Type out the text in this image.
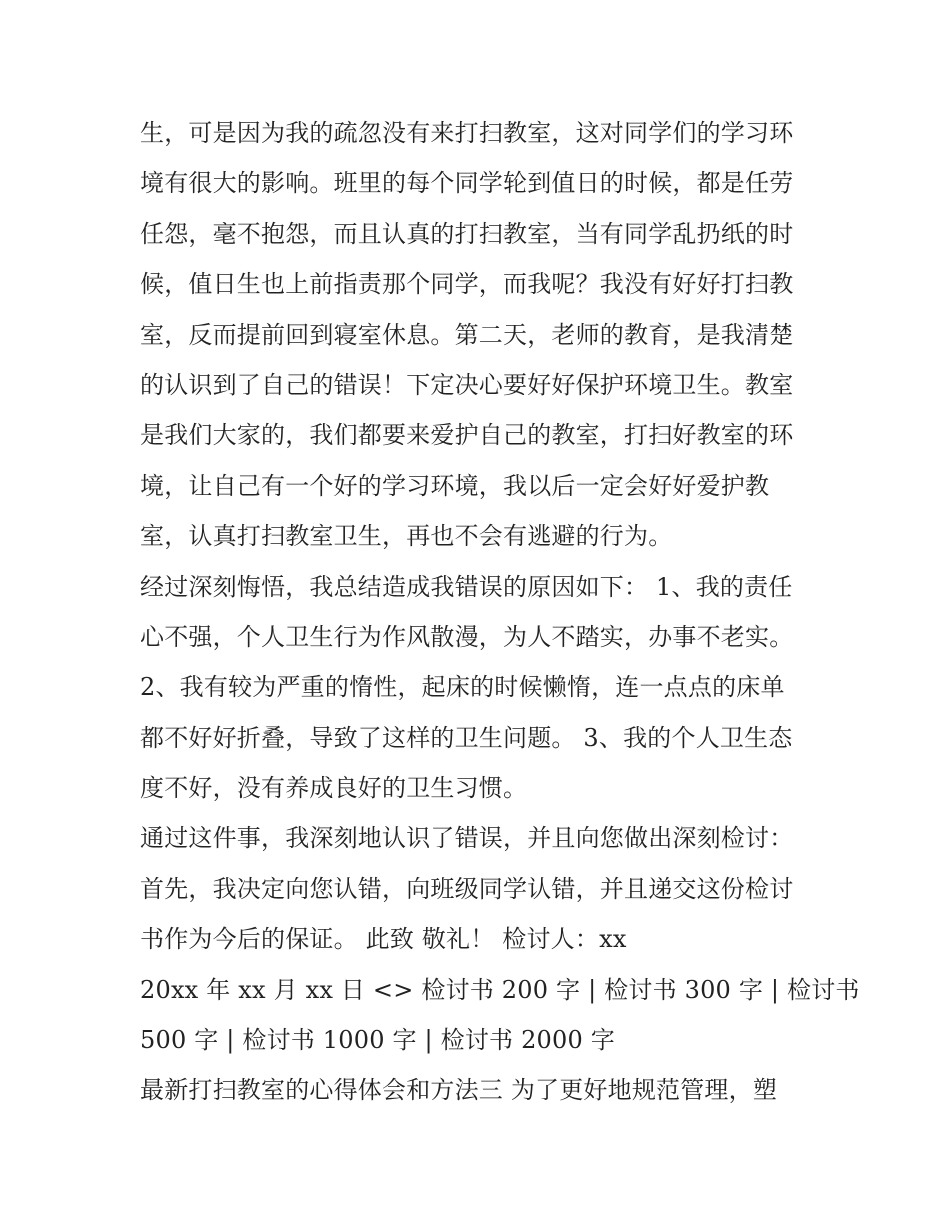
生，可是因为我的疏忽没有来打扫教室，这对同学们的学习环
境有很大的影响。班里的每个同学轮到值日的时候，都是任劳
任怨，毫不抱怨，而且认真的打扫教室，当有同学乱扔纸的时
候，值日生也上前指责那个同学，而我呢？我没有好好打扫教
室，反而提前回到寝室休息。第二天，老师的教育，是我清楚
的认识到了自己的错误！下定决心要好好保护环境卫生。教室
是我们大家的，我们都要来爱护自己的教室，打扫好教室的环
境，让自己有一个好的学习环境，我以后一定会好好爱护教
室，认真打扫教室卫生，再也不会有逃避的行为。
经过深刻悔悟，我总结造成我错误的原因如下： 1、我的责任
心不强，个人卫生行为作风散漫，为人不踏实，办事不老实。
2、我有较为严重的惰性，起床的时候懒惰，连一点点的床单
都不好好折叠，导致了这样的卫生问题。 3、我的个人卫生态
度不好，没有养成良好的卫生习惯。
通过这件事，我深刻地认识了错误，并且向您做出深刻检讨：
首先，我决定向您认错，向班级同学认错，并且递交这份检讨
书作为今后的保证。 此致 敬礼！ 检讨人：xx
20xx 年 xx 月 xx 日 <> 检讨书 200 字 | 检讨书 300 字 | 检讨书
500 字 | 检讨书 1000 字 | 检讨书 2000 字
最新打扫教室的心得体会和方法三 为了更好地规范管理，塑
